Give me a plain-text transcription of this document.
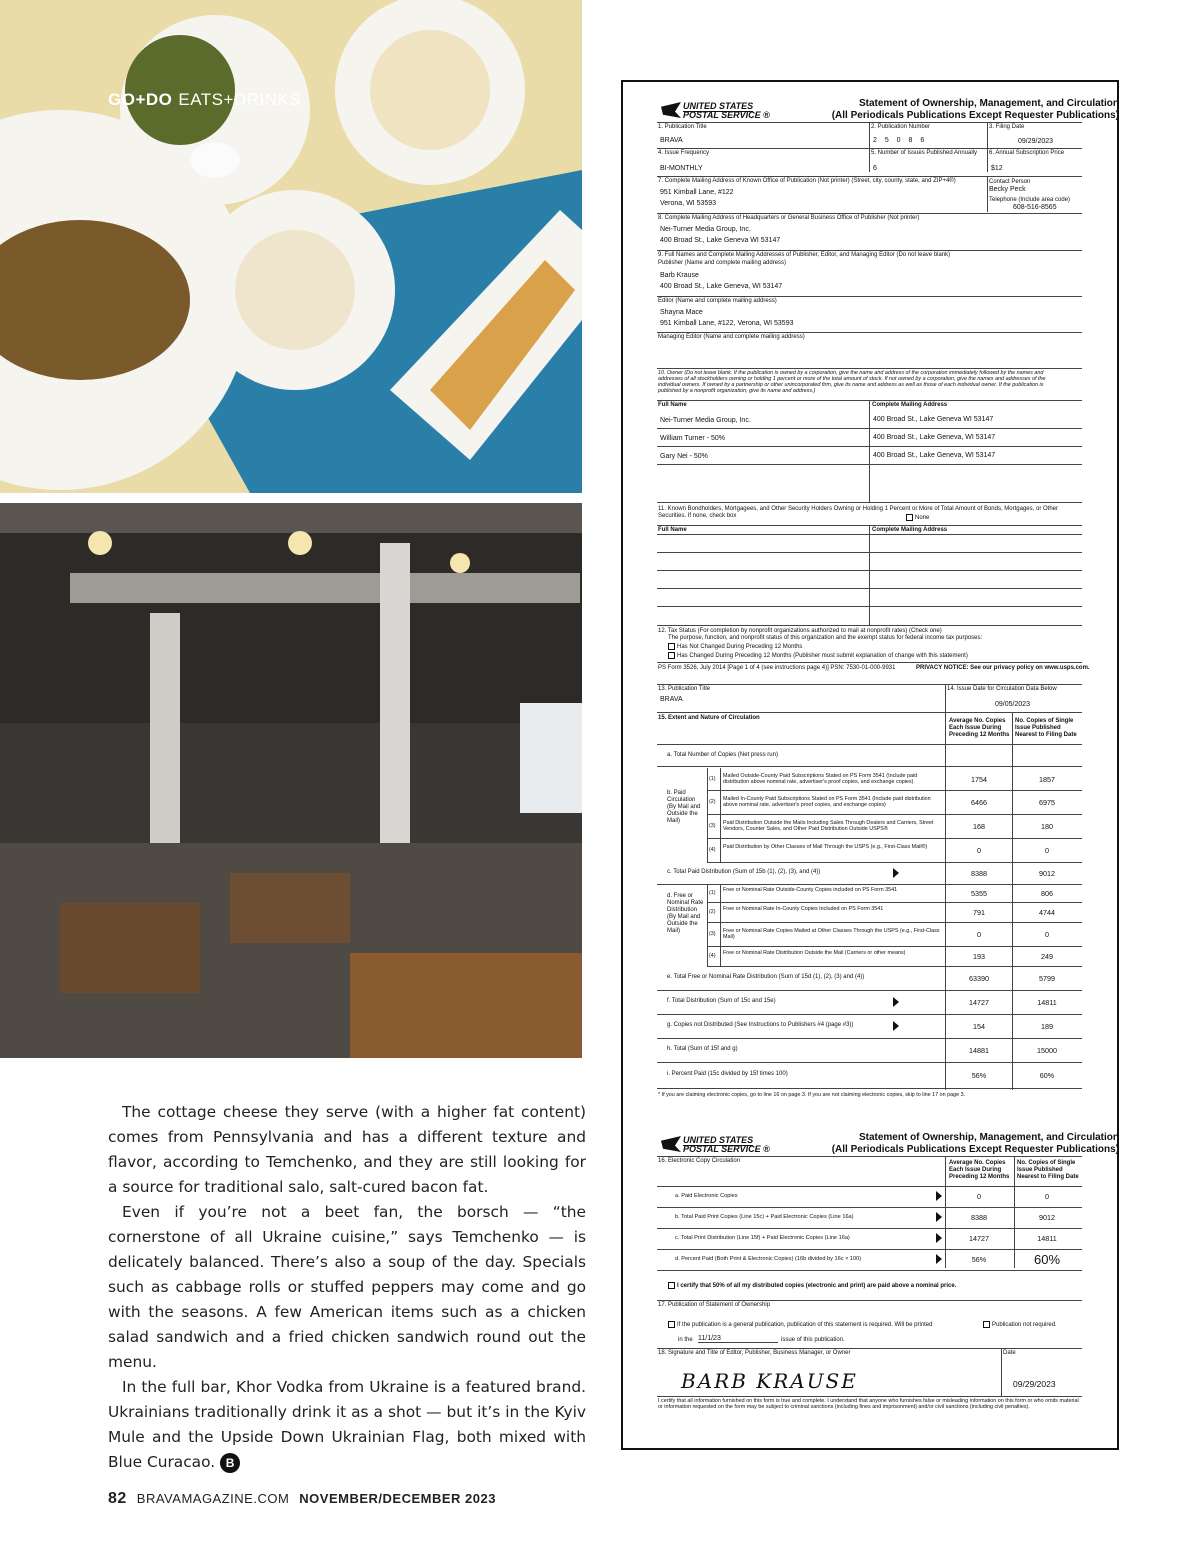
GO+DO EATS+DRINKS

The cottage cheese they serve (with a higher fat content) comes from Pennsylvania and has a different texture and flavor, according to Temchenko, and they are still looking for a source for traditional salo, salt-cured bacon fat.

Even if you’re not a beet fan, the borsch — “the cornerstone of all Ukraine cuisine,” says Temchenko — is delicately balanced. There’s also a soup of the day. Specials such as cabbage rolls or stuffed peppers may come and go with the seasons. A few American items such as a chicken salad sandwich and a fried chicken sandwich round out the menu.

In the full bar, Khor Vodka from Ukraine is a featured brand. Ukrainians traditionally drink it as a shot — but it’s in the Kyiv Mule and the Upside Down Ukrainian Flag, both mixed with Blue Curacao. B

82 BRAVAMAGAZINE.COM NOVEMBER/DECEMBER 2023
UNITED STATES
POSTAL SERVICE ®
Statement of Ownership, Management, and Circulation
(All Periodicals Publications Except Requester Publications)
1. Publication Title
BRAVA
2. Publication Number
2 5 0 8 6
3. Filing Date
09/29/2023
4. Issue Frequency
BI-MONTHLY
5. Number of Issues Published Annually
6
6. Annual Subscription Price
$12
7. Complete Mailing Address of Known Office of Publication (Not printer) (Street, city, county, state, and ZIP+4®)
951 Kimball Lane, #122
Verona, WI 53593
Contact Person
Becky Peck
Telephone (Include area code)
608-516-8565
8. Complete Mailing Address of Headquarters or General Business Office of Publisher (Not printer)
Nei-Turner Media Group, Inc.
400 Broad St., Lake Geneva WI 53147
9. Full Names and Complete Mailing Addresses of Publisher, Editor, and Managing Editor (Do not leave blank)
Publisher (Name and complete mailing address)
Barb Krause
400 Broad St., Lake Geneva, WI 53147
Editor (Name and complete mailing address)
Shayna Mace
951 Kimball Lane, #122, Verona, WI 53593
Managing Editor (Name and complete mailing address)
10. Owner (Do not leave blank. If the publication is owned by a corporation, give the name and address of the corporation immediately followed by the names and addresses of all stockholders owning or holding 1 percent or more of the total amount of stock. If not owned by a corporation, give the names and addresses of the individual owners. If owned by a partnership or other unincorporated firm, give its name and address as well as those of each individual owner. If the publication is published by a nonprofit organization, give its name and address.)
Full Name	Complete Mailing Address
11. Known Bondholders, Mortgagees, and Other Security Holders Owning or Holding 1 Percent or More of Total Amount of Bonds, Mortgages, or Other Securities. If none, check box	None
Full Name	Complete Mailing Address
12. Tax Status (For completion by nonprofit organizations authorized to mail at nonprofit rates) (Check one)
The purpose, function, and nonprofit status of this organization and the exempt status for federal income tax purposes:
Has Not Changed During Preceding 12 Months
Has Changed During Preceding 12 Months (Publisher must submit explanation of change with this statement)
PS Form 3526, July 2014 [Page 1 of 4 (see instructions page 4)] PSN: 7530-01-000-9931	PRIVACY NOTICE: See our privacy policy on www.usps.com.
13. Publication Title
BRAVA
14. Issue Date for Circulation Data Below
09/05/2023
15. Extent and Nature of Circulation	Average No. Copies Each Issue During Preceding 12 Months
No. Copies of Single Issue Published Nearest to Filing Date
a. Total Number of Copies (Net press run)
b. Paid Circulation (By Mail and Outside the Mail)
d. Free or Nominal Rate Distribution (By Mail and Outside the Mail)
* If you are claiming electronic copies, go to line 16 on page 3. If you are not claiming electronic copies, skip to line 17 on page 3.
UNITED STATES
POSTAL SERVICE ®
Statement of Ownership, Management, and Circulation
(All Periodicals Publications Except Requester Publications)
16. Electronic Copy Circulation	Average No. Copies Each Issue During Preceding 12 Months
No. Copies of Single Issue Published Nearest to Filing Date
I certify that 50% of all my distributed copies (electronic and print) are paid above a nominal price.
17. Publication of Statement of Ownership
If the publication is a general publication, publication of this statement is required. Will be printed	Publication not required.
in the 11/1/23	issue of this publication.
18. Signature and Title of Editor, Publisher, Business Manager, or Owner	Date
BARB KRAUSE	09/29/2023
I certify that all information furnished on this form is true and complete. I understand that anyone who furnishes false or misleading information on this form or who omits material or information requested on the form may be subject to criminal sanctions (including fines and imprisonment) and/or civil sanctions (including civil penalties).
Nei-Turner Media Group, Inc.	400 Broad St., Lake Geneva WI 53147
William Turner - 50%	400 Broad St., Lake Geneva, WI 53147
Gary Nei - 50%	400 Broad St., Lake Geneva, WI 53147
(1) Mailed Outside-County Paid Subscriptions Stated on PS Form 3541 (Include paid distribution above nominal rate, advertiser's proof copies, and exchange copies)	1754	1857
(2) Mailed In-County Paid Subscriptions Stated on PS Form 3541 (Include paid distribution above nominal rate, advertiser's proof copies, and exchange copies)	6466	6975
(3) Paid Distribution Outside the Mails Including Sales Through Dealers and Carriers, Street Vendors, Counter Sales, and Other Paid Distribution Outside USPS®	168	180
(4) Paid Distribution by Other Classes of Mail Through the USPS (e.g., First-Class Mail®)	0	0
c. Total Paid Distribution (Sum of 15b (1), (2), (3), and (4))	8388	9012
(1) Free or Nominal Rate Outside-County Copies included on PS Form 3541	5355	806
(2) Free or Nominal Rate In-County Copies Included on PS Form 3541	791	4744
(3) Free or Nominal Rate Copies Mailed at Other Classes Through the USPS (e.g., First-Class Mail)	0	0
(4) Free or Nominal Rate Distribution Outside the Mail (Carriers or other means)	193	249
e. Total Free or Nominal Rate Distribution (Sum of 15d (1), (2), (3) and (4))	63390	5799
f. Total Distribution (Sum of 15c and 15e)	14727	14811
g. Copies not Distributed (See Instructions to Publishers #4 (page #3))	154	189
h. Total (Sum of 15f and g)	14881	15000
i. Percent Paid (15c divided by 15f times 100)	56%	60%
a. Paid Electronic Copies	0	0
b. Total Paid Print Copies (Line 15c) + Paid Electronic Copies (Line 16a)	8388	9012
c. Total Print Distribution (Line 15f) + Paid Electronic Copies (Line 16a)	14727	14811
d. Percent Paid (Both Print & Electronic Copies) (16b divided by 16c × 100)	56%	60%
